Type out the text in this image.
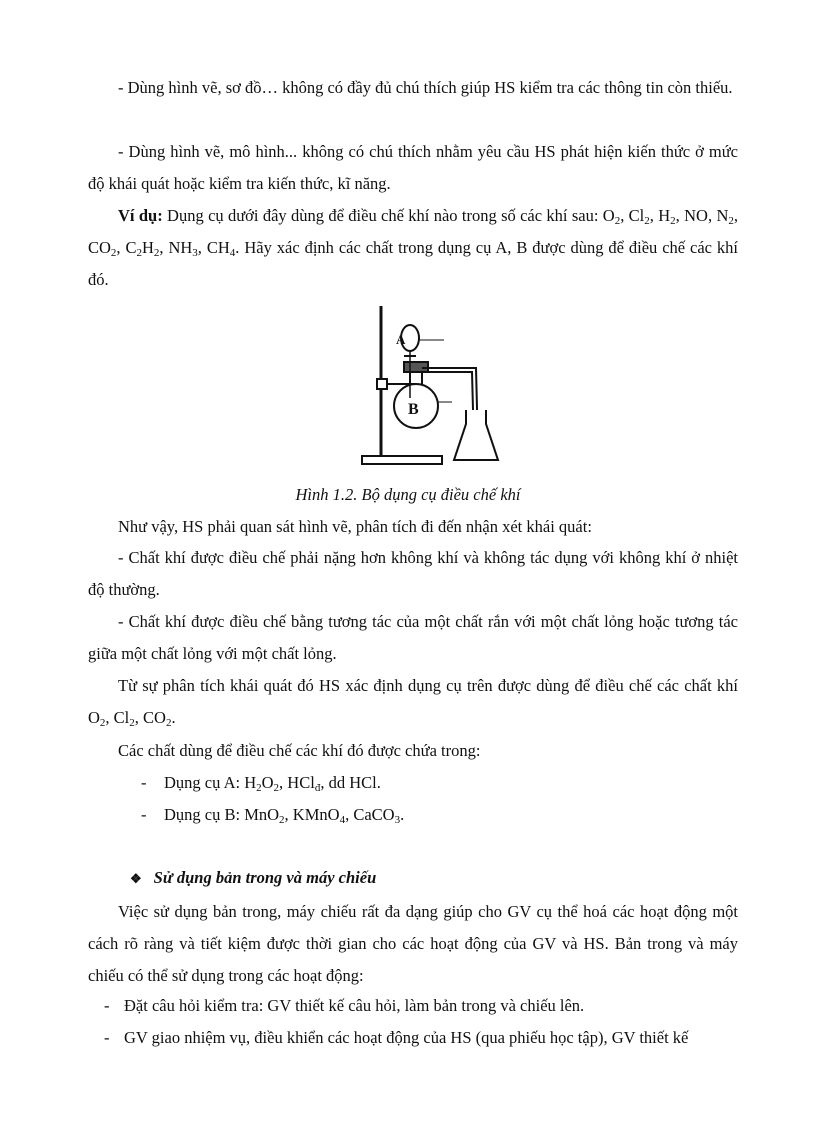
- Dùng hình vẽ, sơ đồ… không có đầy đủ chú thích giúp HS kiểm tra các thông tin còn thiếu.

- Dùng hình vẽ, mô hình... không có chú thích nhằm yêu cầu HS phát hiện kiến thức ở mức độ khái quát hoặc kiểm tra kiến thức, kĩ năng.

Ví dụ: Dụng cụ dưới đây dùng để điều chế khí nào trong số các khí sau: $O_2$, $Cl_2$, $H_2$, NO, $N_2$, $CO_2$, $C_2H_2$, $NH_3$, $CH_4$. Hãy xác định các chất trong dụng cụ A, B được dùng để điều chế các khí đó.

A
B
Hình 1.2. Bộ dụng cụ điều chế khí

Như vậy, HS phải quan sát hình vẽ, phân tích đi đến nhận xét khái quát:

- Chất khí được điều chế phải nặng hơn không khí và không tác dụng với không khí ở nhiệt độ thường.

- Chất khí được điều chế bằng tương tác của một chất rắn với một chất lỏng hoặc tương tác giữa một chất lỏng với một chất lỏng.

Từ sự phân tích khái quát đó HS xác định dụng cụ trên được dùng để điều chế các chất khí $O_2$, $Cl_2$, $CO_2$.

Các chất dùng để điều chế các khí đó được chứa trong:

- Dụng cụ A: $H_2O_2$, HCl$_đ$, dd HCl.

- Dụng cụ B: MnO$_2$, KMnO$_4$, CaCO$_3$.

❖ Sử dụng bản trong và máy chiếu

Việc sử dụng bản trong, máy chiếu rất đa dạng giúp cho GV cụ thể hoá các hoạt động một cách rõ ràng và tiết kiệm được thời gian cho các hoạt động của GV và HS. Bản trong và máy chiếu có thể sử dụng trong các hoạt động:

- Đặt câu hỏi kiểm tra: GV thiết kế câu hỏi, làm bản trong và chiếu lên.

- GV giao nhiệm vụ, điều khiển các hoạt động của HS (qua phiếu học tập), GV thiết kế
